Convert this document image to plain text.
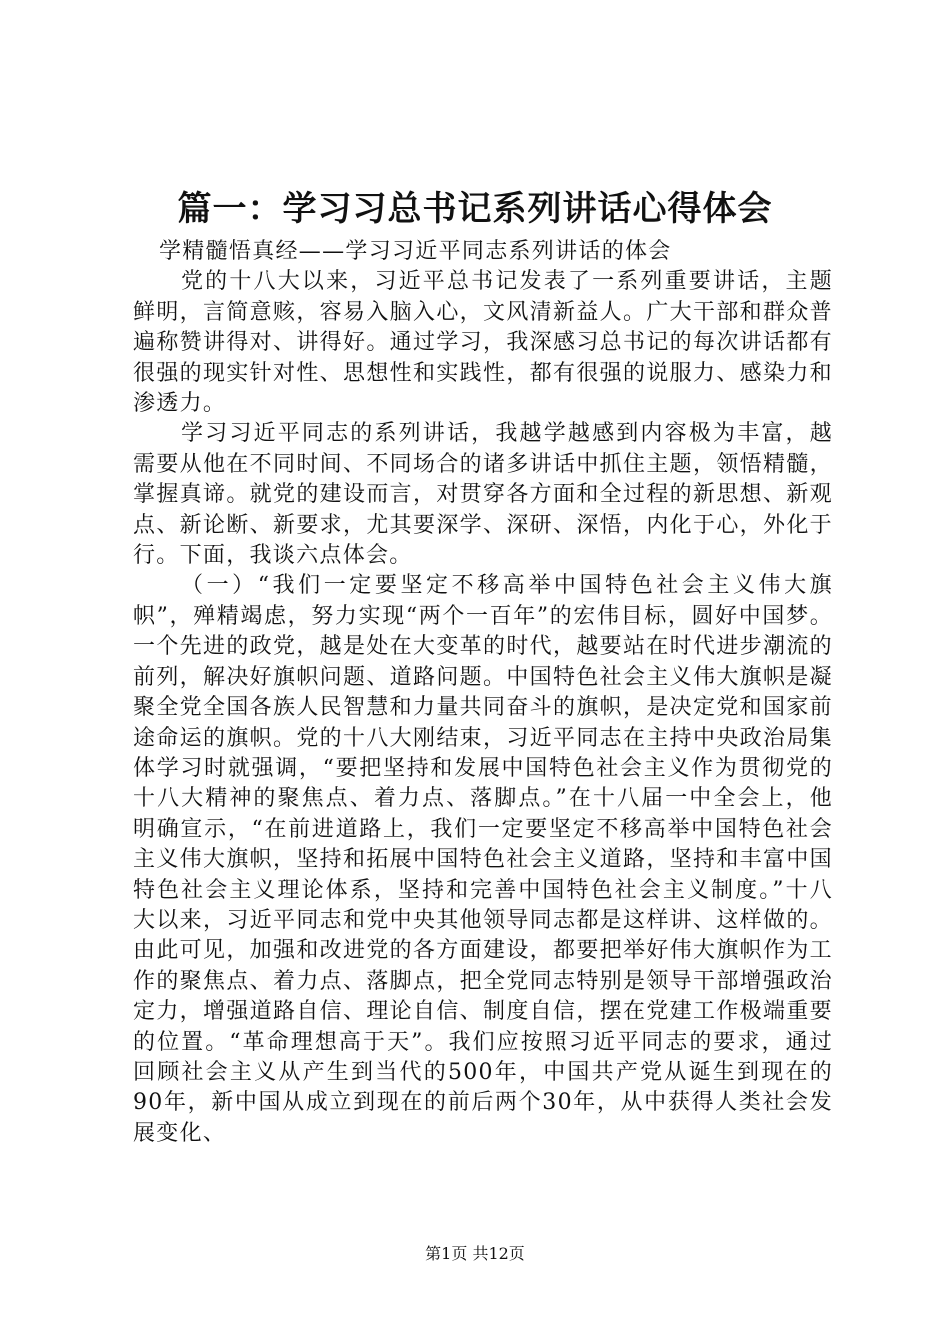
篇一：学习习总书记系列讲话心得体会

学精髓悟真经——学习习近平同志系列讲话的体会

党的十八大以来，习近平总书记发表了一系列重要讲话，主题鲜明，言简意赅，容易入脑入心，文风清新益人。广大干部和群众普遍称赞讲得对、讲得好。通过学习，我深感习总书记的每次讲话都有很强的现实针对性、思想性和实践性，都有很强的说服力、感染力和渗透力。

学习习近平同志的系列讲话，我越学越感到内容极为丰富，越需要从他在不同时间、不同场合的诸多讲话中抓住主题，领悟精髓，掌握真谛。就党的建设而言，对贯穿各方面和全过程的新思想、新观点、新论断、新要求，尤其要深学、深研、深悟，内化于心，外化于行。下面，我谈六点体会。

（一）“我们一定要坚定不移高举中国特色社会主义伟大旗帜”，殚精竭虑，努力实现“两个一百年”的宏伟目标，圆好中国梦。一个先进的政党，越是处在大变革的时代，越要站在时代进步潮流的前列，解决好旗帜问题、道路问题。中国特色社会主义伟大旗帜是凝聚全党全国各族人民智慧和力量共同奋斗的旗帜，是决定党和国家前途命运的旗帜。党的十八大刚结束，习近平同志在主持中央政治局集体学习时就强调，“要把坚持和发展中国特色社会主义作为贯彻党的十八大精神的聚焦点、着力点、落脚点。”在十八届一中全会上，他明确宣示，“在前进道路上，我们一定要坚定不移高举中国特色社会主义伟大旗帜，坚持和拓展中国特色社会主义道路，坚持和丰富中国特色社会主义理论体系，坚持和完善中国特色社会主义制度。”十八大以来，习近平同志和党中央其他领导同志都是这样讲、这样做的。由此可见，加强和改进党的各方面建设，都要把举好伟大旗帜作为工作的聚焦点、着力点、落脚点，把全党同志特别是领导干部增强政治定力，增强道路自信、理论自信、制度自信，摆在党建工作极端重要的位置。“革命理想高于天”。我们应按照习近平同志的要求，通过回顾社会主义从产生到当代的500年，中国共产党从诞生到现在的90年，新中国从成立到现在的前后两个30年，从中获得人类社会发展变化、

第1页 共12页
